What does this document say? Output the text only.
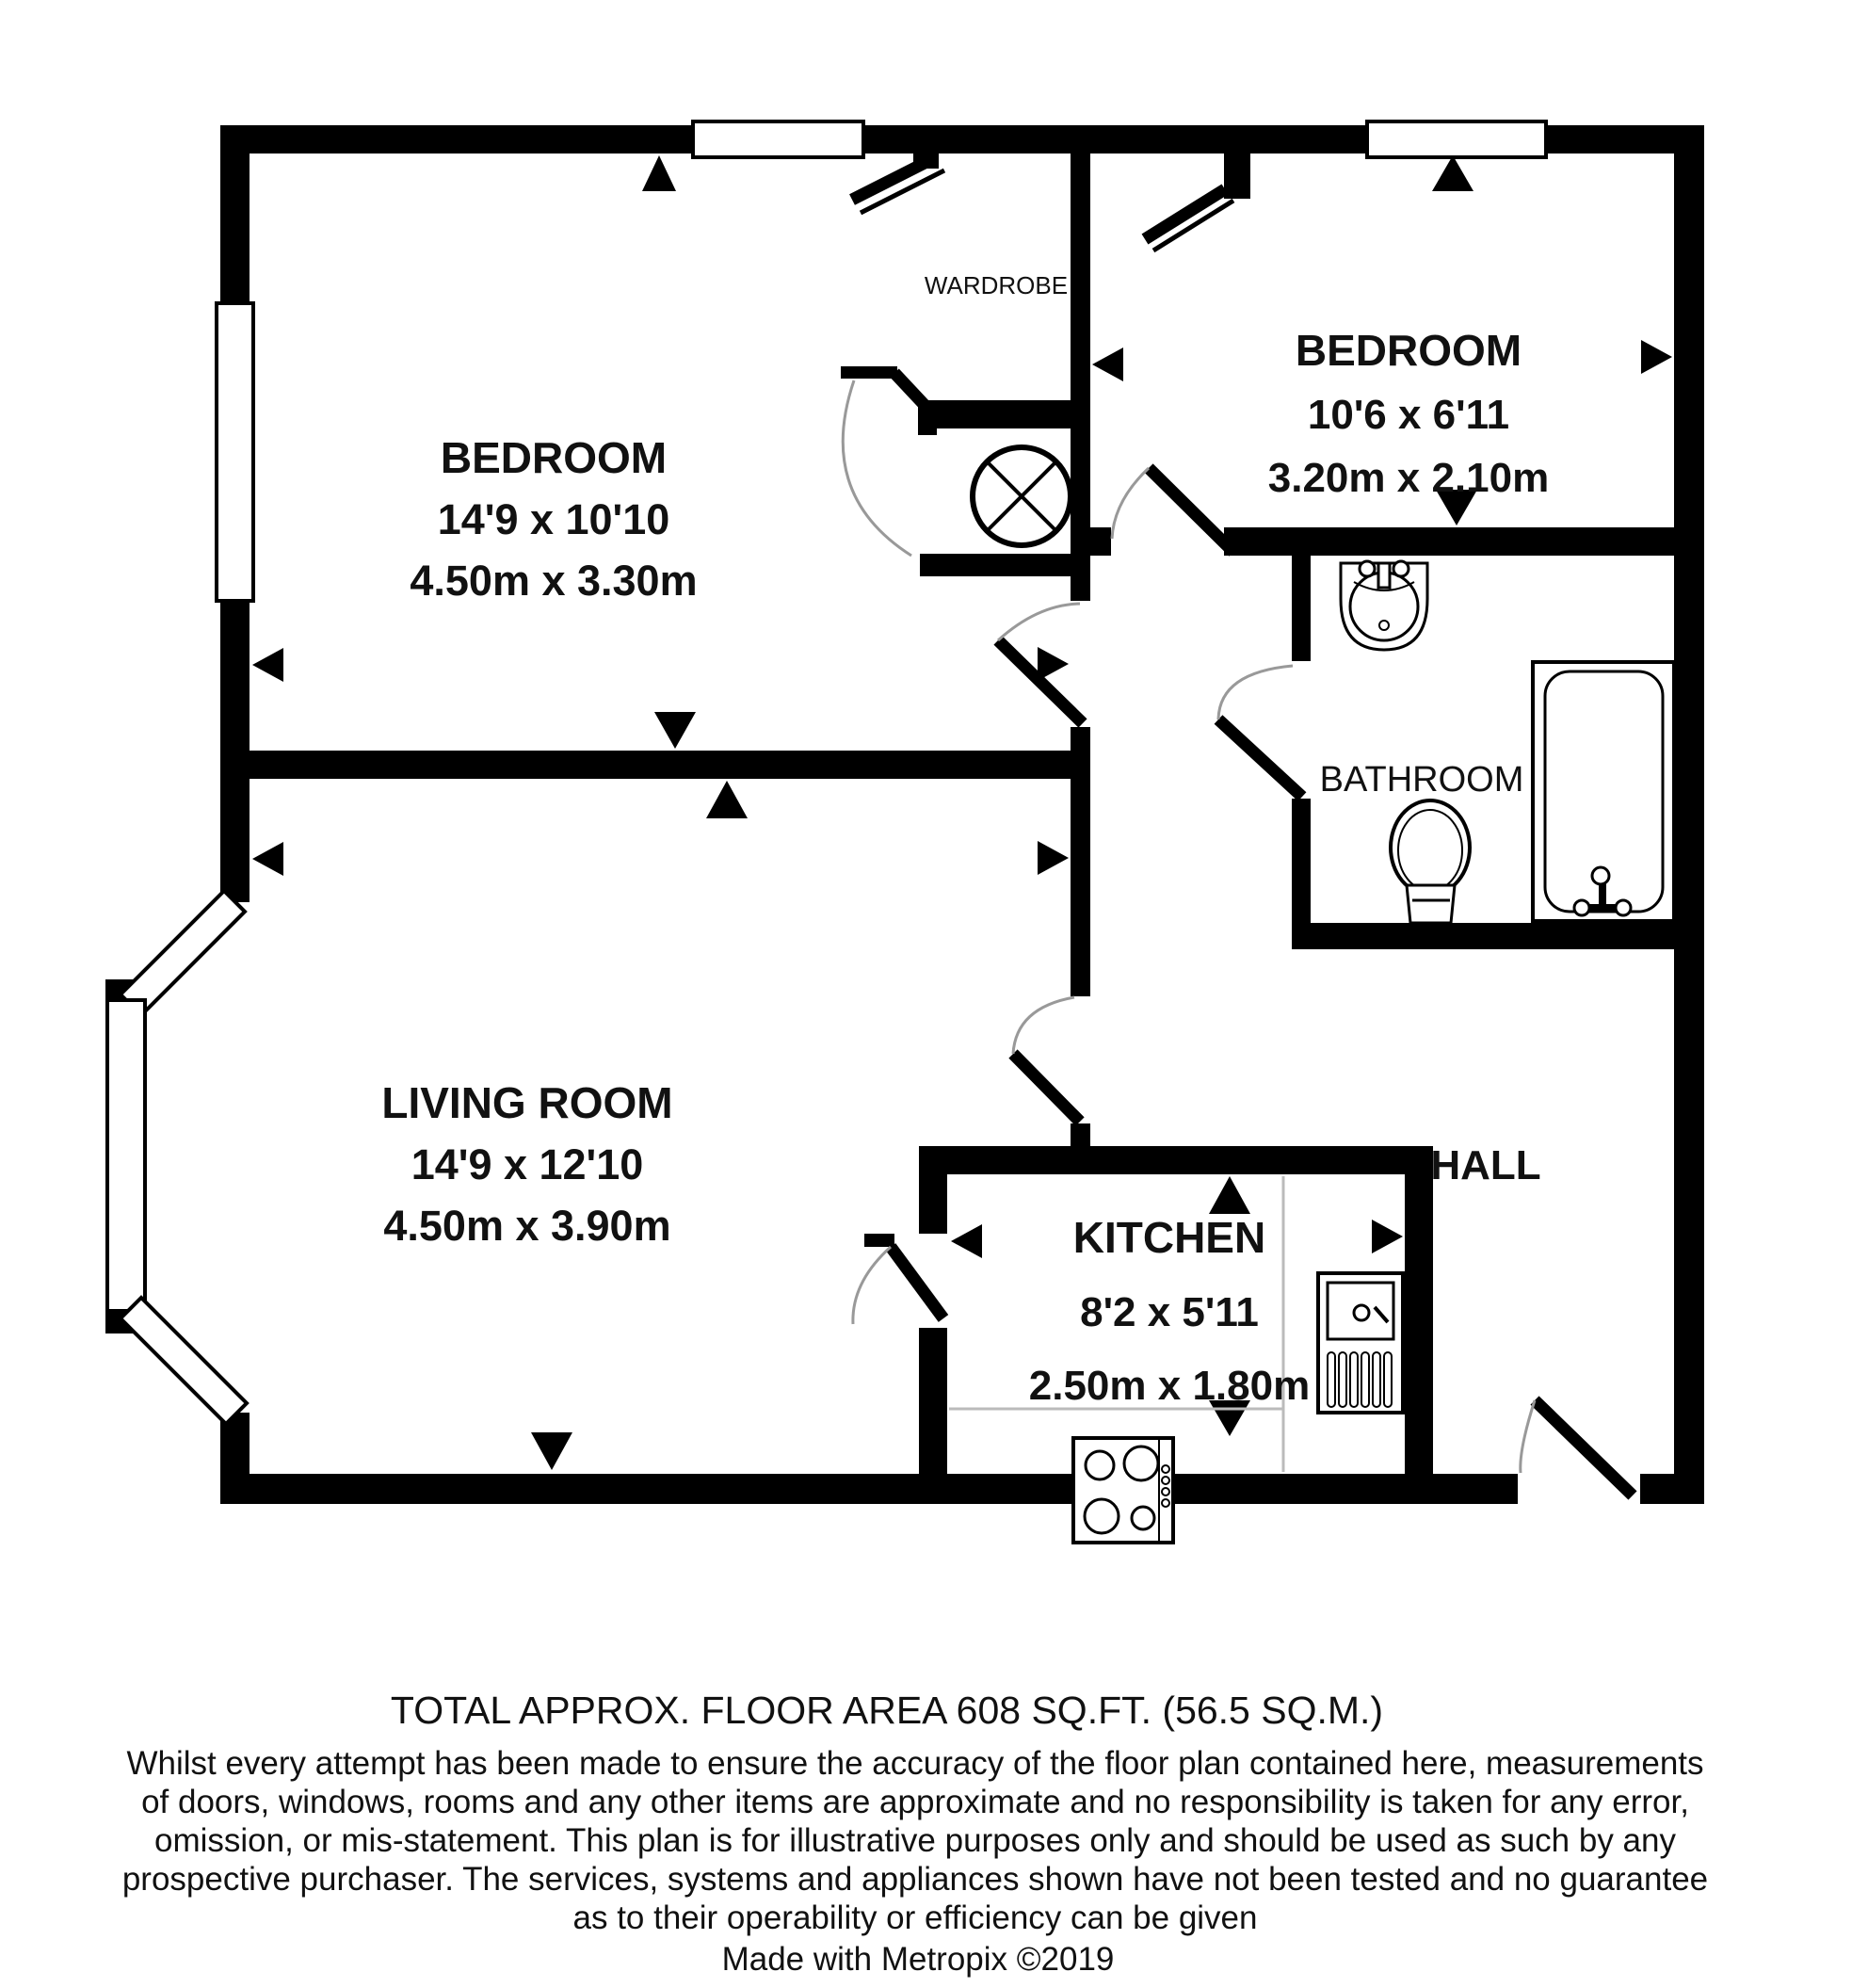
BEDROOM
14'9 x 10'10
4.50m x 3.30m
WARDROBE
BEDROOM
10'6 x 6'11
3.20m x 2.10m
BATHROOM
LIVING ROOM
14'9 x 12'10
4.50m x 3.90m	KITCHEN
8'2 x 5'11
2.50m x 1.80m
HALL
TOTAL APPROX. FLOOR AREA 608 SQ.FT. (56.5 SQ.M.)
Whilst every attempt has been made to ensure the accuracy of the floor plan contained here, measurements
of doors, windows, rooms and any other items are approximate and no responsibility is taken for any error,
omission, or mis-statement. This plan is for illustrative purposes only and should be used as such by any
prospective purchaser. The services, systems and appliances shown have not been tested and no guarantee
as to their operability or efficiency can be given
Made with Metropix ©2019
